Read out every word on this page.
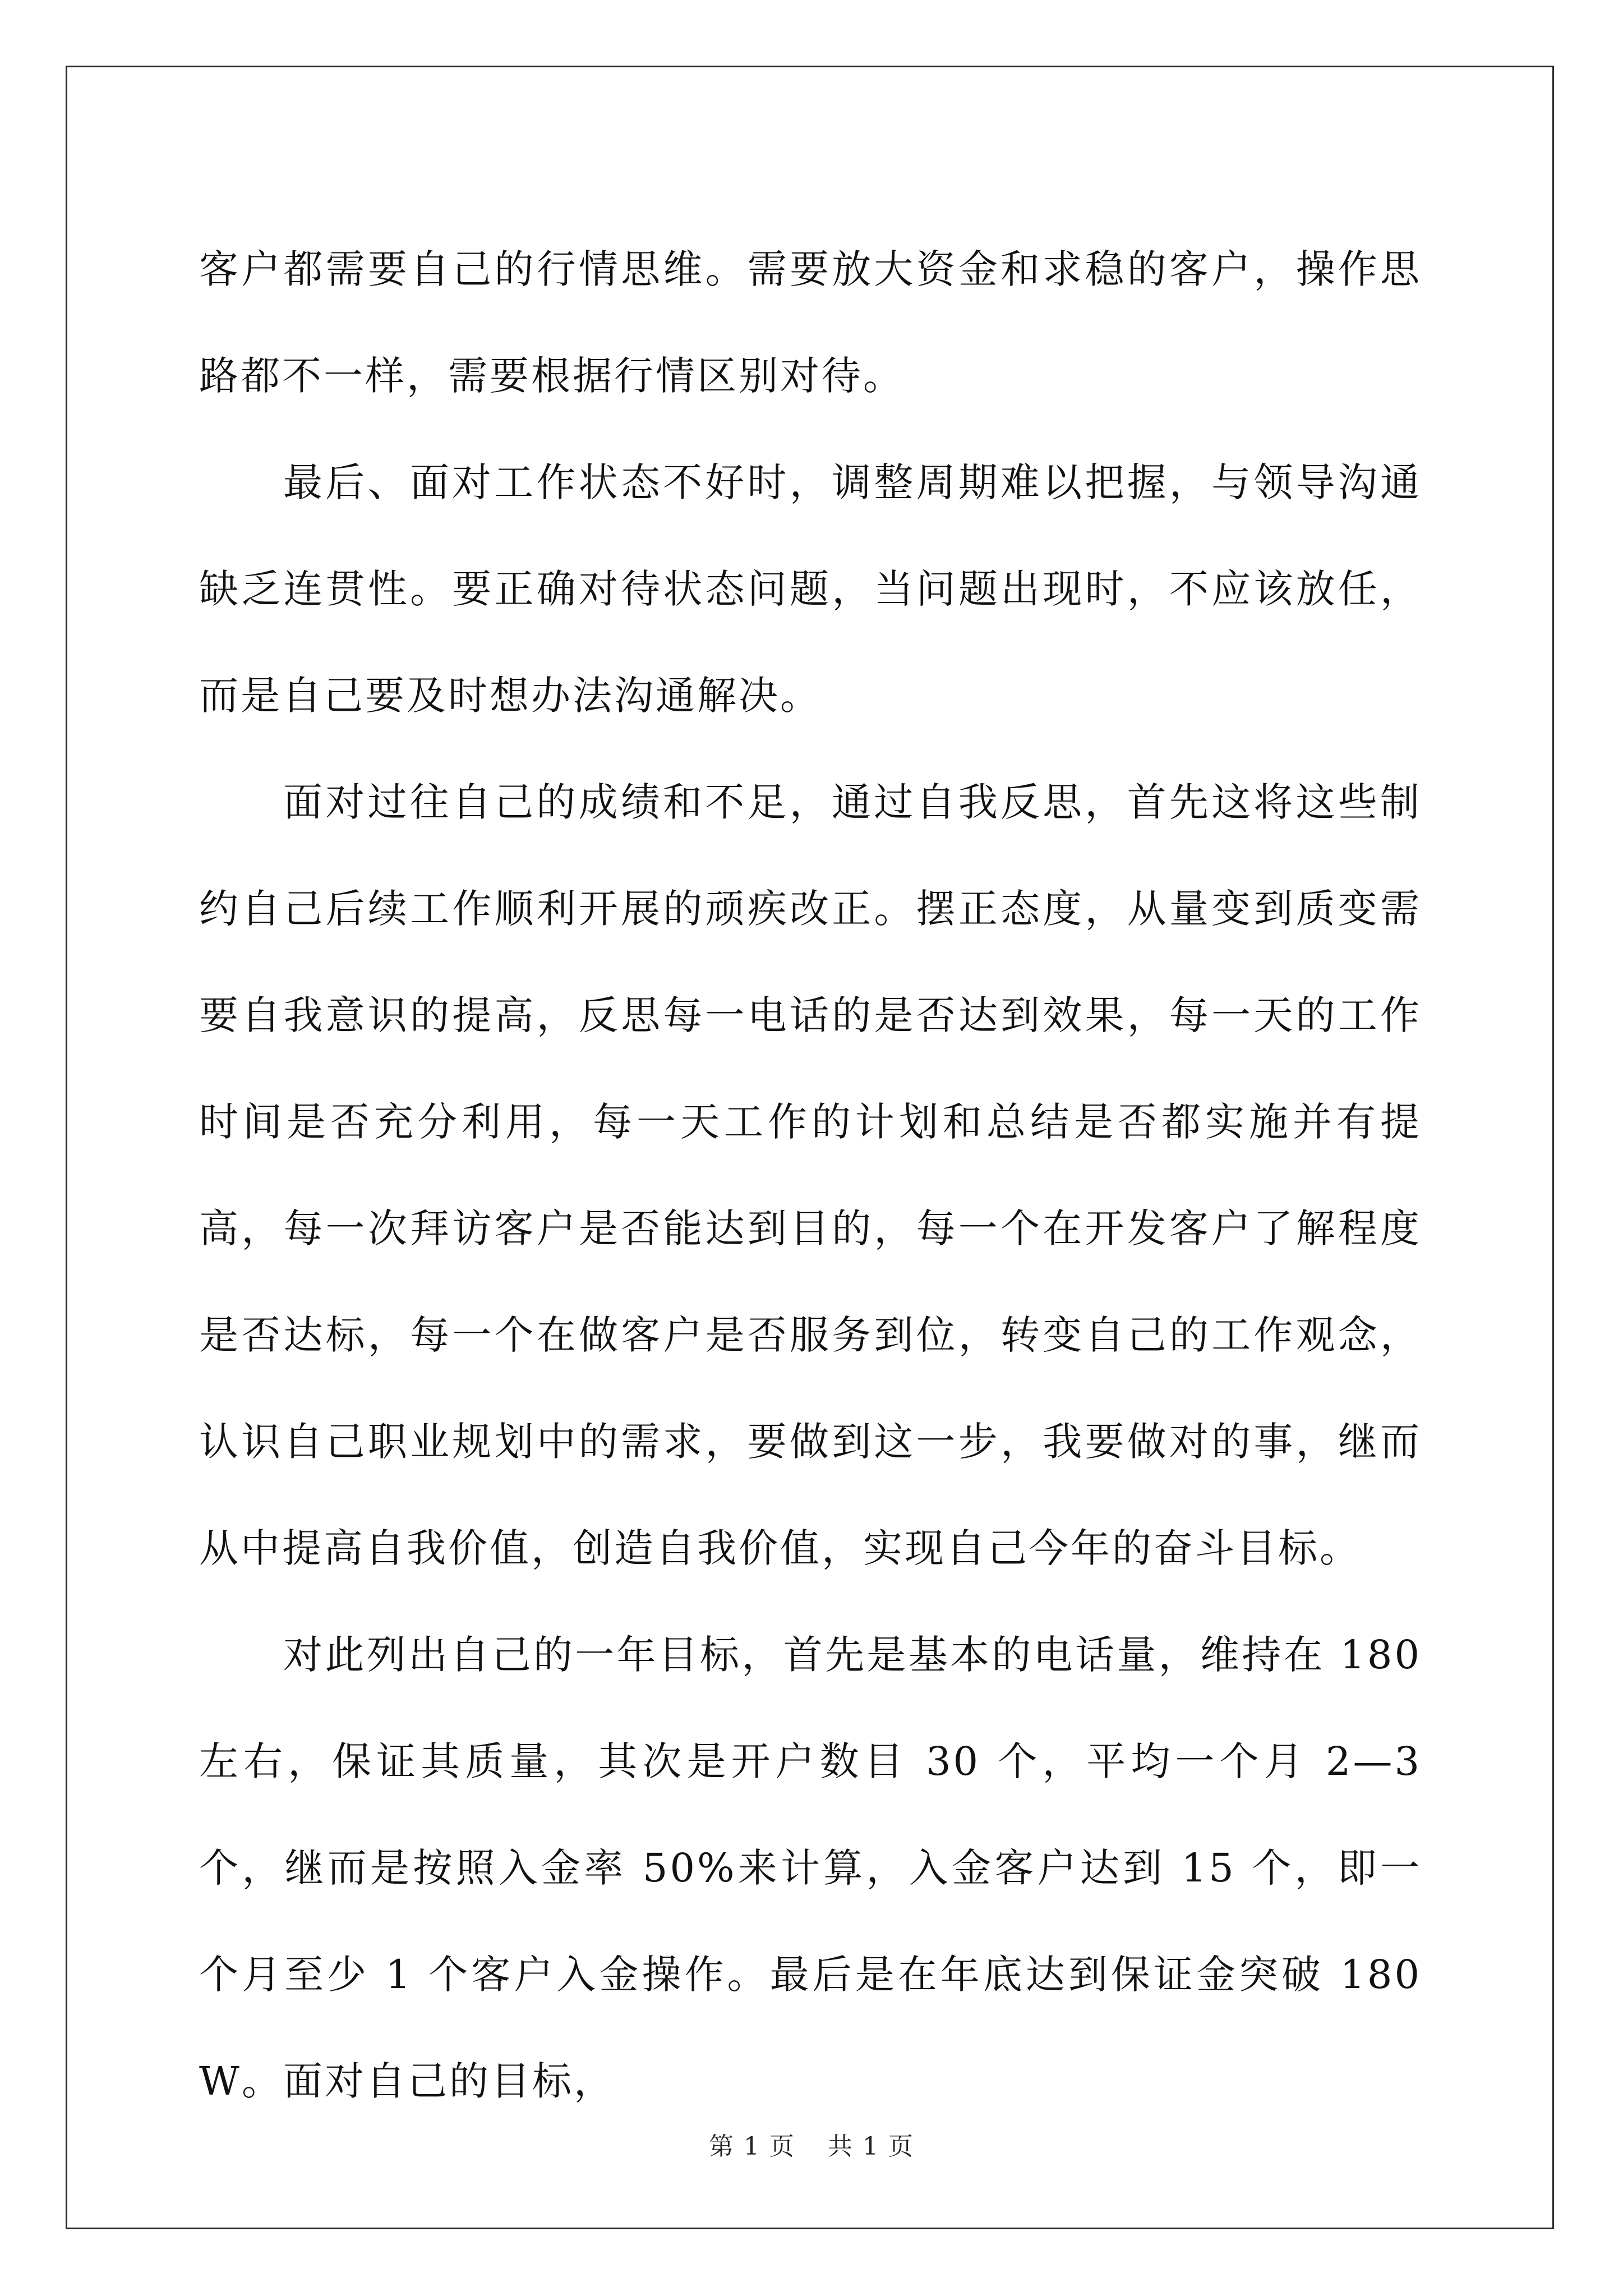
客户都需要自己的行情思维。需要放大资金和求稳的客户，操作思路都不一样，需要根据行情区别对待。

最后、面对工作状态不好时，调整周期难以把握，与领导沟通缺乏连贯性。要正确对待状态问题，当问题出现时，不应该放任，而是自己要及时想办法沟通解决。

面对过往自己的成绩和不足，通过自我反思，首先这将这些制约自己后续工作顺利开展的顽疾改正。摆正态度，从量变到质变需要自我意识的提高，反思每一电话的是否达到效果，每一天的工作时间是否充分利用，每一天工作的计划和总结是否都实施并有提高，每一次拜访客户是否能达到目的，每一个在开发客户了解程度是否达标，每一个在做客户是否服务到位，转变自己的工作观念，认识自己职业规划中的需求，要做到这一步，我要做对的事，继而从中提高自我价值，创造自我价值，实现自己今年的奋斗目标。

对此列出自己的一年目标，首先是基本的电话量，维持在 180 左右，保证其质量，其次是开户数目 30 个，平均一个月 2—3 个，继而是按照入金率 50%来计算，入金客户达到 15 个，即一个月至少 1 个客户入金操作。最后是在年底达到保证金突破 180W。面对自己的目标，

第 1 页 共 1 页
